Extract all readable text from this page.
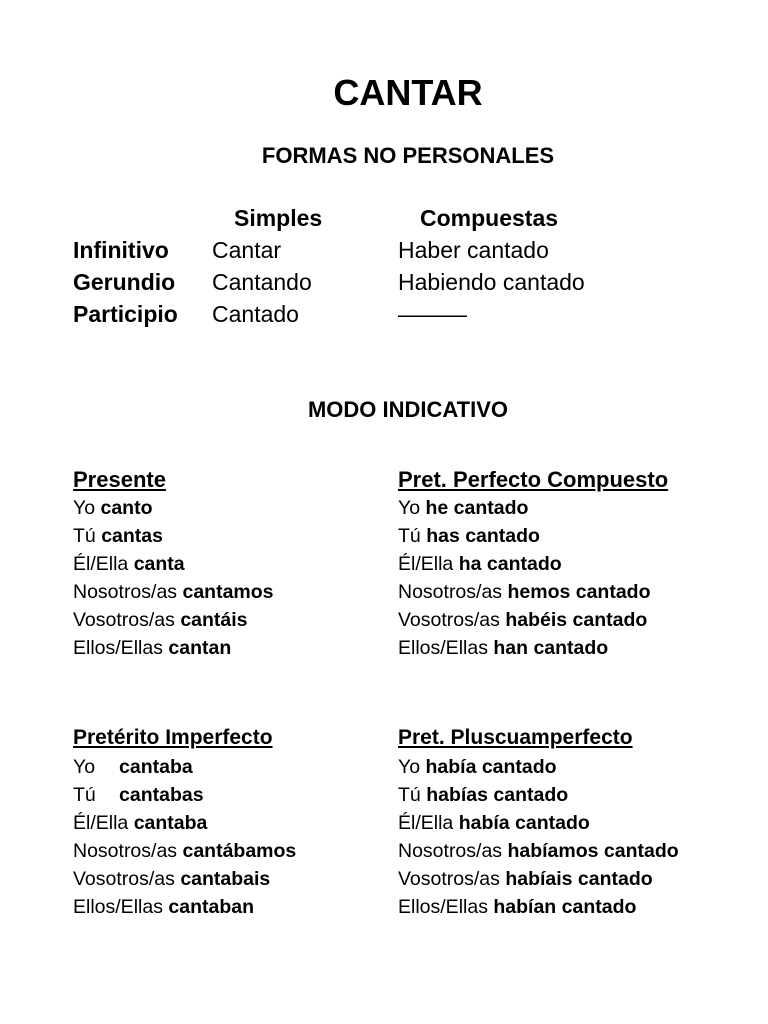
CANTAR
FORMAS NO PERSONALES
Simples	Compuestas
Infinitivo Cantar	Haber cantado
Gerundio Cantando	Habiendo cantado
Participio Cantado	———
MODO INDICATIVO
Presente
Yo canto
Tú cantas
Él/Ella canta
Nosotros/as cantamos
Vosotros/as cantáis
Ellos/Ellas cantan
Pret. Perfecto Compuesto
Yo he cantado
Tú has cantado
Él/Ella ha cantado
Nosotros/as hemos cantado
Vosotros/as habéis cantado
Ellos/Ellas han cantado
Pretérito Imperfecto
Yo cantaba
Tú cantabas
Él/Ella cantaba
Nosotros/as cantábamos
Vosotros/as cantabais
Ellos/Ellas cantaban
Pret. Pluscuamperfecto
Yo había cantado
Tú habías cantado
Él/Ella había cantado
Nosotros/as habíamos cantado
Vosotros/as habíais cantado
Ellos/Ellas habían cantado
